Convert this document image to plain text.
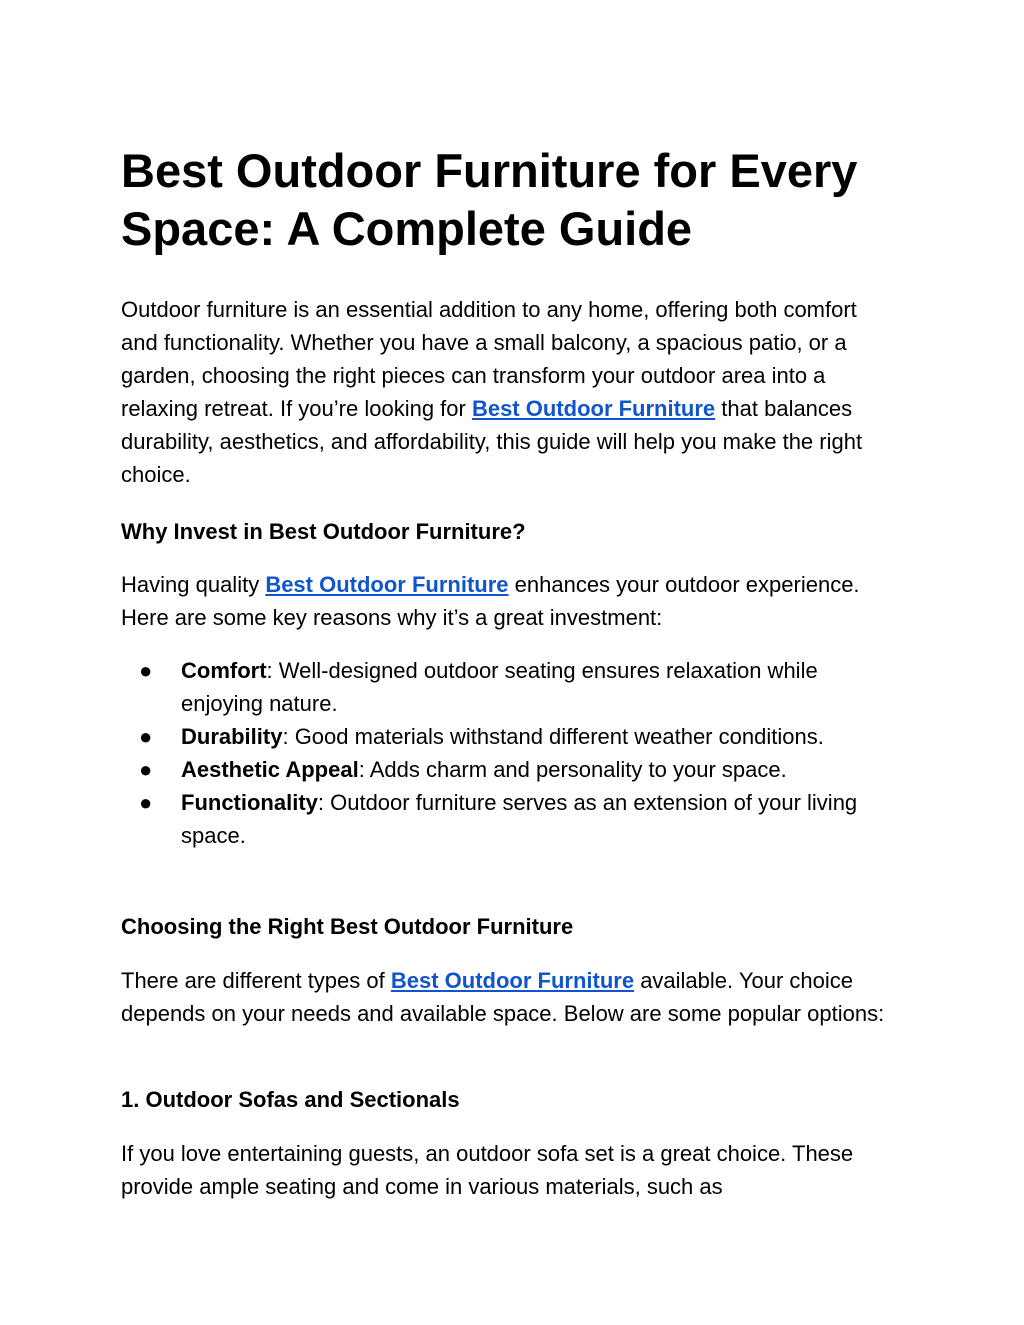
Best Outdoor Furniture for Every Space: A Complete Guide

Outdoor furniture is an essential addition to any home, offering both comfort and functionality. Whether you have a small balcony, a spacious patio, or a garden, choosing the right pieces can transform your outdoor area into a relaxing retreat. If you’re looking for Best Outdoor Furniture that balances durability, aesthetics, and affordability, this guide will help you make the right choice.

Why Invest in Best Outdoor Furniture?

Having quality Best Outdoor Furniture enhances your outdoor experience. Here are some key reasons why it’s a great investment:

● Comfort: Well-designed outdoor seating ensures relaxation while enjoying nature.
● Durability: Good materials withstand different weather conditions.
● Aesthetic Appeal: Adds charm and personality to your space.
● Functionality: Outdoor furniture serves as an extension of your living space.
Choosing the Right Best Outdoor Furniture

There are different types of Best Outdoor Furniture available. Your choice depends on your needs and available space. Below are some popular options:

1. Outdoor Sofas and Sectionals

If you love entertaining guests, an outdoor sofa set is a great choice. These provide ample seating and come in various materials, such as
